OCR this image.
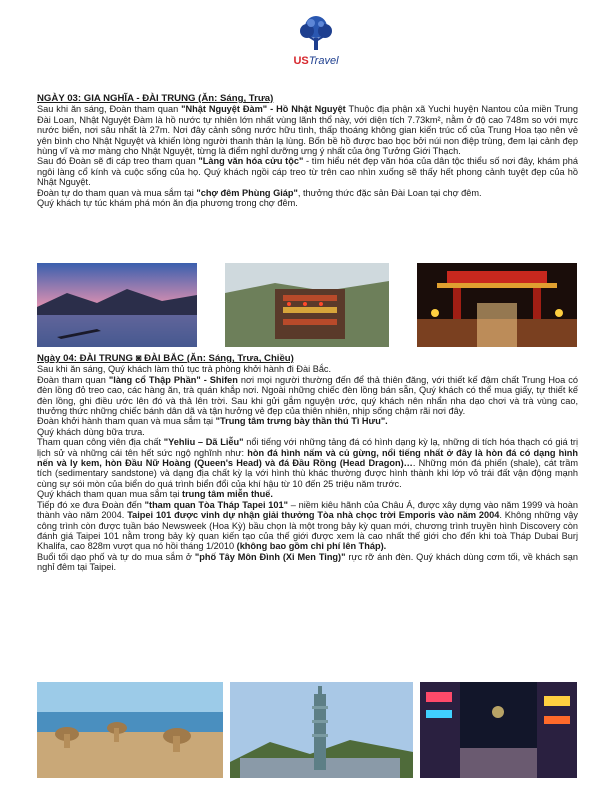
USTravel
NGÀY 03: GIA NGHĨA - ĐÀI TRUNG (Ăn: Sáng, Trưa)

Sau khi ăn sáng, Đoàn tham quan "Nhật Nguyệt Đàm" - Hồ Nhật Nguyệt Thuộc địa phận xã Yuchi huyện Nantou của miền Trung Đài Loan, Nhật Nguyệt Đàm là hồ nước tự nhiên lớn nhất vùng lãnh thổ này, với diện tích 7.73km², nằm ở độ cao 748m so với mực nước biển, nơi sâu nhất là 27m. Nơi đây cảnh sông nước hữu tình, thấp thoáng không gian kiến trúc cổ của Trung Hoa tạo nên vẻ yên bình cho Nhật Nguyệt và khiến lòng người thanh thản lạ lùng. Bốn bề hồ được bao bọc bởi núi non điệp trùng, đem lại cảnh đẹp hùng vĩ và mơ màng cho Nhật Nguyệt, từng là điểm nghỉ dưỡng ưng ý nhất của ông Tưởng Giới Thạch.

Sau đó Đoàn sẽ đi cáp treo tham quan "Làng văn hóa cửu tộc" - tìm hiểu nét đẹp văn hóa của dân tộc thiểu số nơi đây, khám phá ngôi làng cổ kính và cuộc sống của họ. Quý khách ngồi cáp treo từ trên cao nhìn xuống sẽ thấy hết phong cảnh tuyệt đẹp của hồ Nhật Nguyệt.

Đoàn tự do tham quan và mua sắm tại "chợ đêm Phùng Giáp", thưởng thức đặc sản Đài Loan tại chợ đêm.

Quý khách tự túc khám phá món ăn địa phương trong chợ đêm.

Ngày 04: ĐÀI TRUNG ◙ ĐÀI BẮC (Ăn: Sáng, Trưa, Chiều)

Sau khi ăn sáng, Quý khách làm thủ tục trả phòng khởi hành đi Đài Bắc.

Đoàn tham quan "làng cổ Thập Phần" - Shifen nơi mọi người thường đến để thả thiên đăng, với thiết kế đậm chất Trung Hoa có đèn lồng đỏ treo cao, các hàng ăn, trà quán khắp nơi. Ngoài những chiếc đèn lồng bán sẵn, Quý khách có thể mua giấy, tự thiết kế đèn lồng, ghi điều ước lên đó và thả lên trời. Sau khi gửi gắm nguyện ước, quý khách nên nhẩn nha dạo chơi và trà vùng cao, thưởng thức những chiếc bánh dân dã và tận hưởng vẻ đẹp của thiên nhiên, nhịp sống chậm rãi nơi đây.

Đoàn khởi hành tham quan và mua sắm tại "Trung tâm trưng bày thần thú Tì Hưu".

Quý khách dùng bữa trưa.

Tham quan công viên địa chất "Yehliu – Dã Liễu" nổi tiếng với những tảng đá có hình dạng kỳ lạ, những di tích hóa thạch có giá trị lịch sử và những cái tên hết sức ngộ nghĩnh như: hòn đá hình nấm và củ gừng, nổi tiếng nhất ở đây là hòn đá có dạng hình nến và ly kem, hòn Đầu Nữ Hoàng (Queen's Head) và đá Đầu Rồng (Head Dragon)…. Những món đá phiến (shale), cát trầm tích (sedimentary sandstone) và dạng địa chất kỳ lạ với hình thù khác thường được hình thành khi lớp vỏ trái đất vận động mạnh cùng sự sói mòn của biển do quá trình biển đổi của khí hậu từ 10 đến 25 triệu năm trước.

Quý khách tham quan mua sắm tại trung tâm miễn thuế.

Tiếp đó xe đưa Đoàn đến "tham quan Tòa Tháp Tapei 101" – niềm kiêu hãnh của Châu Á, được xây dựng vào năm 1999 và hoàn thành vào năm 2004. Taipei 101 được vinh dự nhận giải thưởng Tòa nhà chọc trời Emporis vào năm 2004. Không những vậy công trình còn được tuần báo Newsweek (Hoa Kỳ) bầu chọn là một trong bảy kỳ quan mới, chương trình truyền hình Discovery còn đánh giá Taipei 101 nằm trong bảy kỳ quan kiến tạo của thế giới được xem là cao nhất thế giới cho đến khi toà Tháp Dubai Burj Khalifa, cao 828m vượt qua nó hồi tháng 1/2010 (không bao gồm chi phí lên Tháp).

Buổi tối dạo phố và tự do mua sắm ở "phố Tây Môn Đình (Xi Men Ting)" rực rỡ ánh đèn. Quý khách dùng cơm tối, về khách sạn nghỉ đêm tại Taipei.
